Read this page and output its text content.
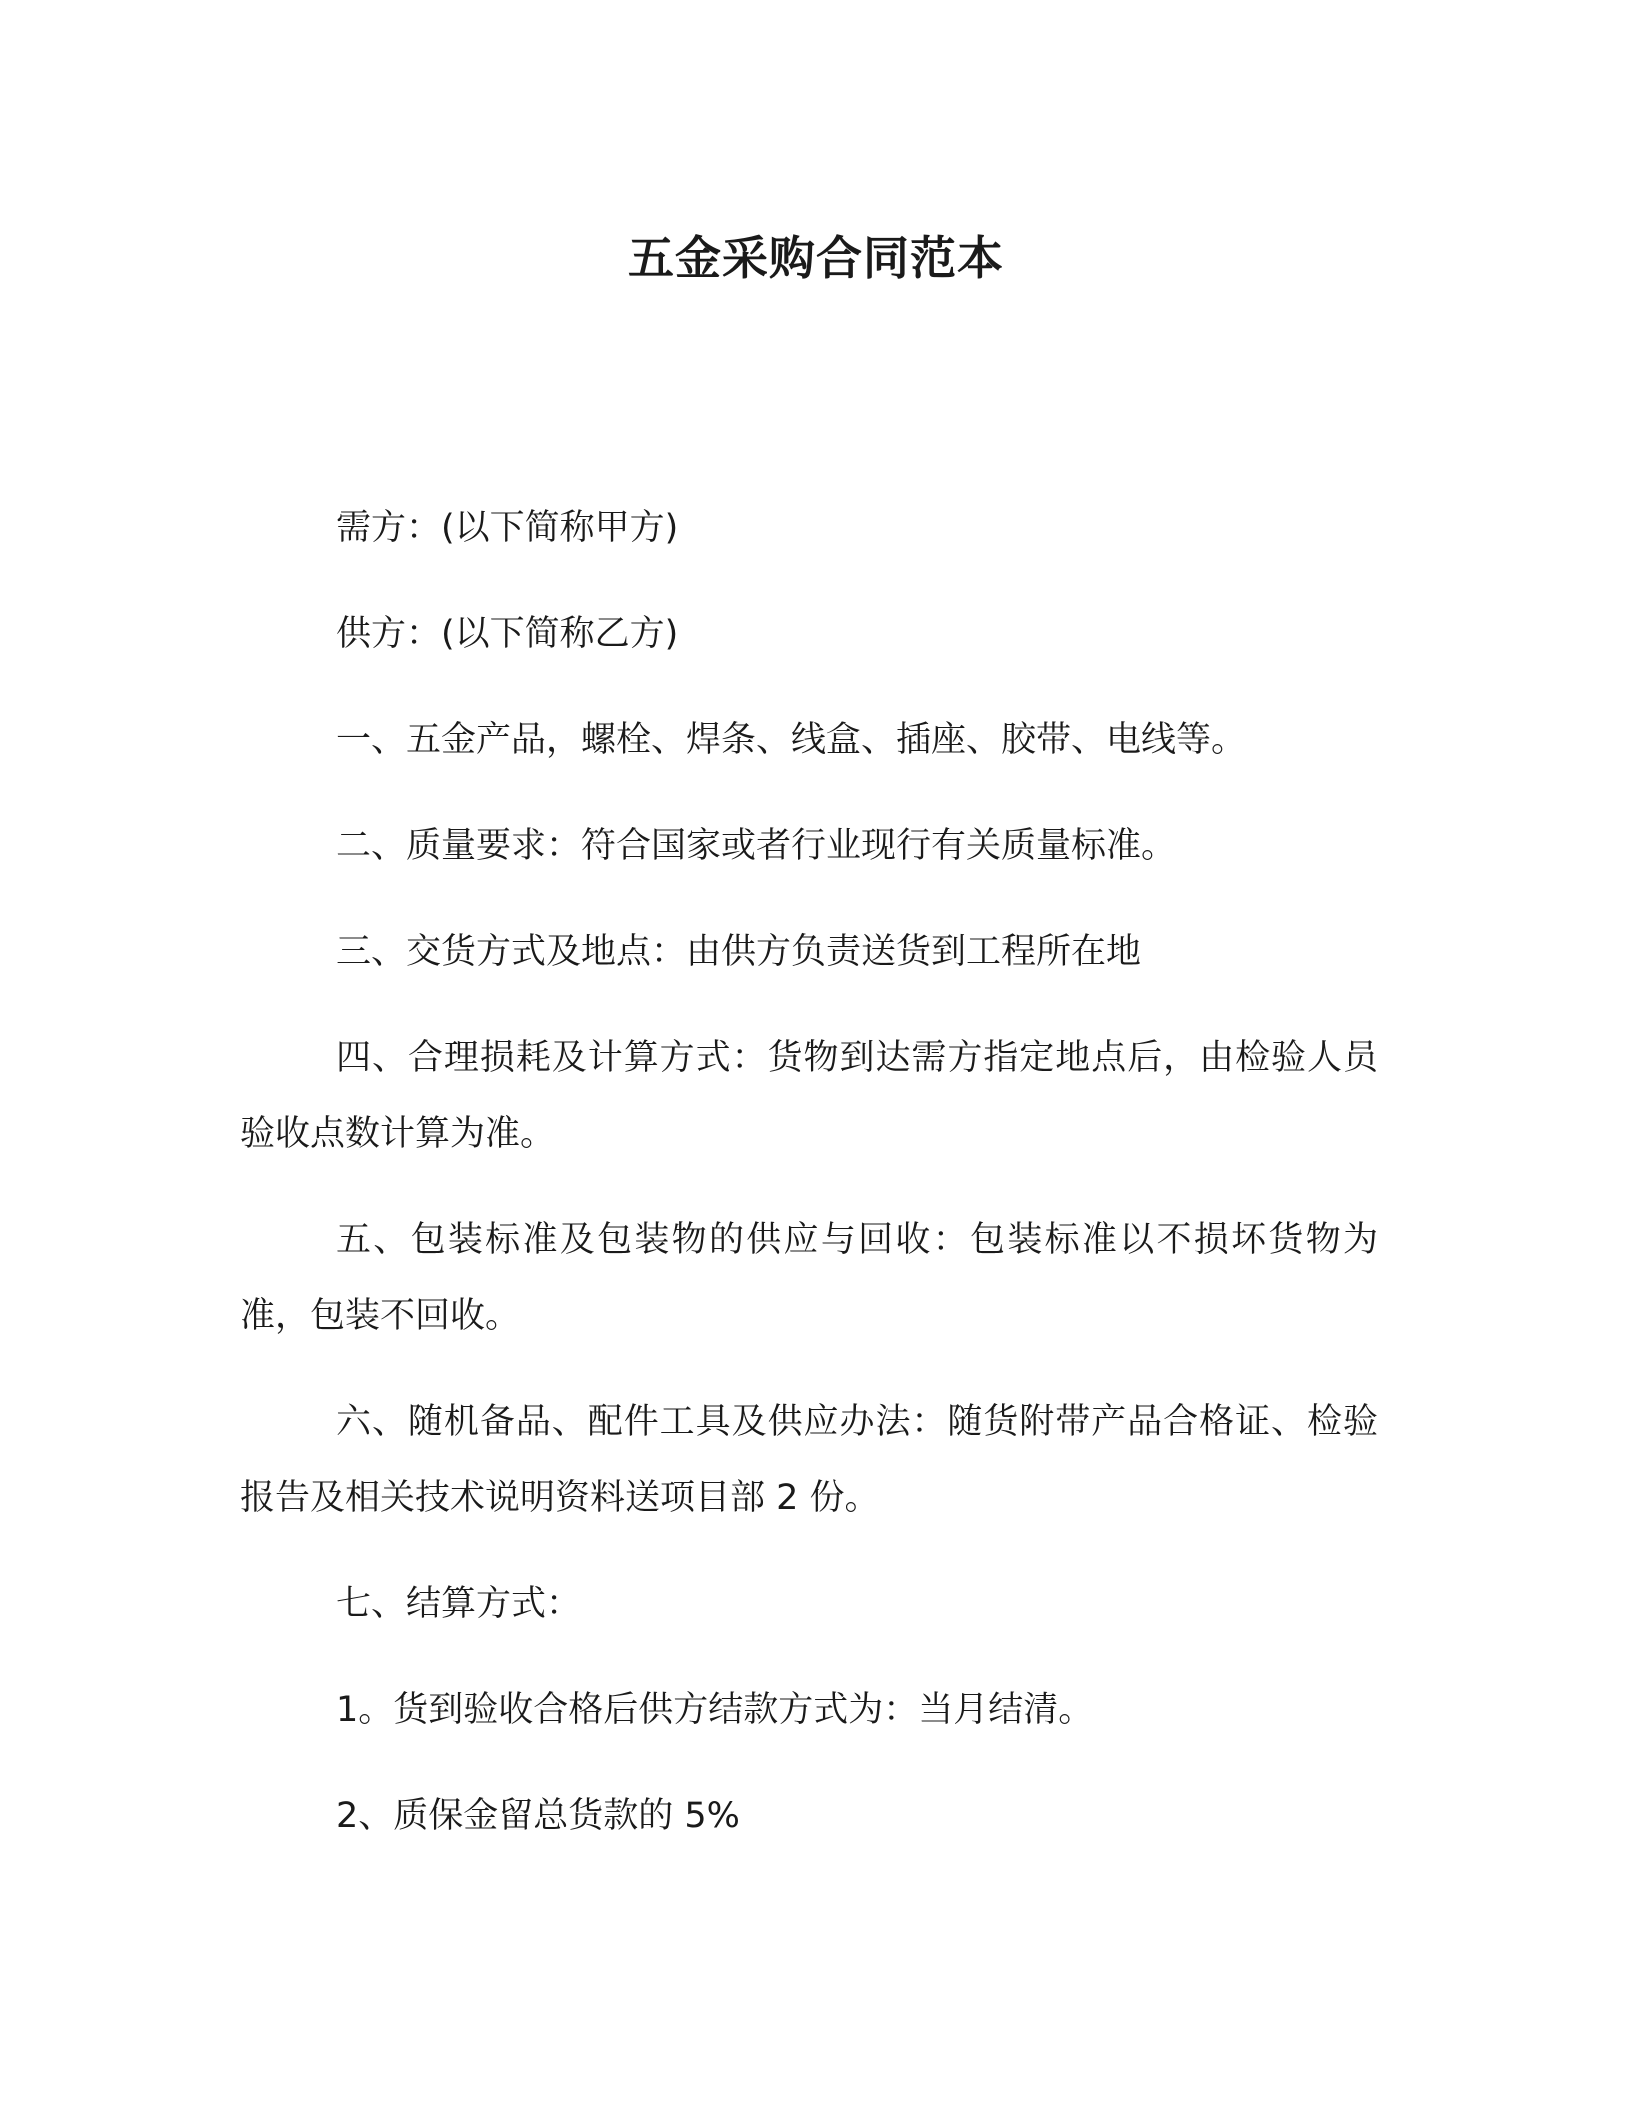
五金采购合同范本

需方：(以下简称甲方)

供方：(以下简称乙方)

一、五金产品，螺栓、焊条、线盒、插座、胶带、电线等。

二、质量要求：符合国家或者行业现行有关质量标准。

三、交货方式及地点：由供方负责送货到工程所在地

四、合理损耗及计算方式：货物到达需方指定地点后，由检验人员验收点数计算为准。

五、包装标准及包装物的供应与回收：包装标准以不损坏货物为准，包装不回收。

六、随机备品、配件工具及供应办法：随货附带产品合格证、检验报告及相关技术说明资料送项目部 2 份。

七、结算方式：

1。货到验收合格后供方结款方式为：当月结清。

2、质保金留总货款的 5%
